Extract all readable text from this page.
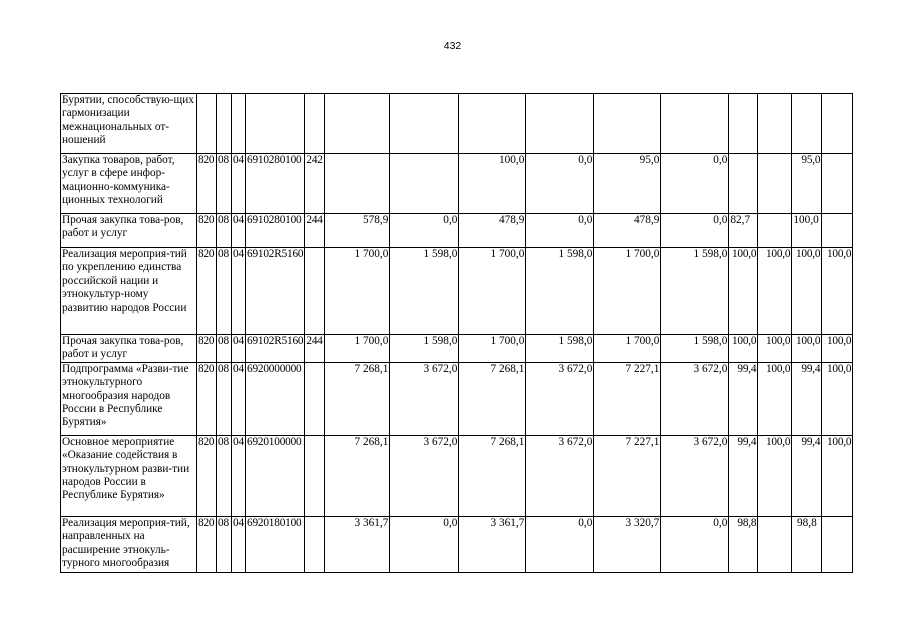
432
Бурятии, способствую-щих гармонизации межнациональных от-ношений															
Закупка товаров, работ, услуг в сфере инфор-мационно-коммуника-ционных технологий	820	08	04	6910280100	242			100,0	0,0	95,0	0,0			95,0	
Прочая закупка това-ров, работ и услуг	820	08	04	6910280100	244	578,9	0,0	478,9	0,0	478,9	0,0	82,7		100,0	
Реализация мероприя-тий по укреплению единства российской нации и этнокультур-ному развитию народов России	820	08	04	69102R5160		1 700,0	1 598,0	1 700,0	1 598,0	1 700,0	1 598,0	100,0	100,0	100,0	100,0
Прочая закупка това-ров, работ и услуг	820	08	04	69102R5160	244	1 700,0	1 598,0	1 700,0	1 598,0	1 700,0	1 598,0	100,0	100,0	100,0	100,0
Подпрограмма «Разви-тие этнокультурного многообразия народов России в Республике Бурятия»	820	08	04	6920000000		7 268,1	3 672,0	7 268,1	3 672,0	7 227,1	3 672,0	99,4	100,0	99,4	100,0
Основное мероприятие «Оказание содействия в этнокультурном разви-тии народов России в Республике Бурятия»	820	08	04	6920100000		7 268,1	3 672,0	7 268,1	3 672,0	7 227,1	3 672,0	99,4	100,0	99,4	100,0
Реализация мероприя-тий, направленных на расширение этнокуль-турного многообразия	820	08	04	6920180100		3 361,7	0,0	3 361,7	0,0	3 320,7	0,0	98,8		98,8	
